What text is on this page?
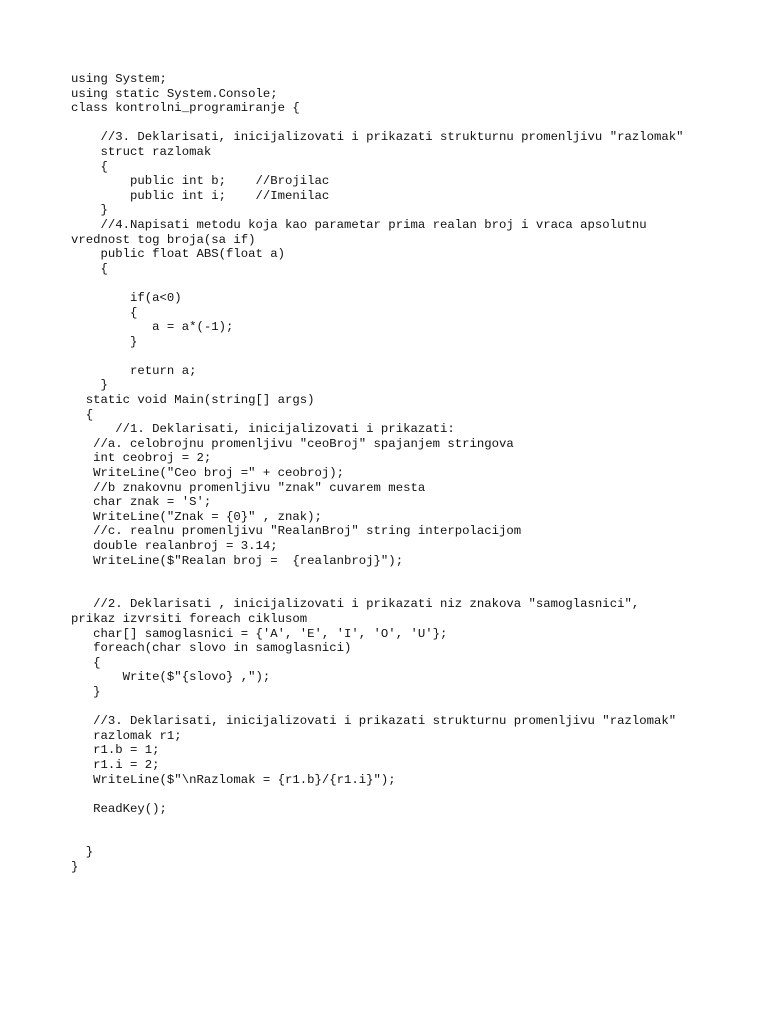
using System;
using static System.Console;
class kontrolni_programiranje {
//3. Deklarisati, inicijalizovati i prikazati strukturnu promenljivu "razlomak"
struct razlomak
{
public int b;    //Brojilac
public int i;    //Imenilac
}
//4.Napisati metodu koja kao parametar prima realan broj i vraca apsolutnu
vrednost tog broja(sa if)
public float ABS(float a)
{
if(a<0)
{
a = a*(-1);
}
return a;
}
static void Main(string[] args)
{
//1. Deklarisati, inicijalizovati i prikazati:
//a. celobrojnu promenljivu "ceoBroj" spajanjem stringova
int ceobroj = 2;
WriteLine("Ceo broj =" + ceobroj);
//b znakovnu promenljivu "znak" cuvarem mesta
char znak = 'S';
WriteLine("Znak = {0}" , znak);
//c. realnu promenljivu "RealanBroj" string interpolacijom
double realanbroj = 3.14;
WriteLine($"Realan broj =  {realanbroj}");
//2. Deklarisati , inicijalizovati i prikazati niz znakova "samoglasnici",
prikaz izvrsiti foreach ciklusom
char[] samoglasnici = {'A', 'E', 'I', 'O', 'U'};
foreach(char slovo in samoglasnici)
{
Write($"{slovo} ,");
}
//3. Deklarisati, inicijalizovati i prikazati strukturnu promenljivu "razlomak"
razlomak r1;
r1.b = 1;
r1.i = 2;
WriteLine($"\nRazlomak = {r1.b}/{r1.i}");
ReadKey();
}
}
